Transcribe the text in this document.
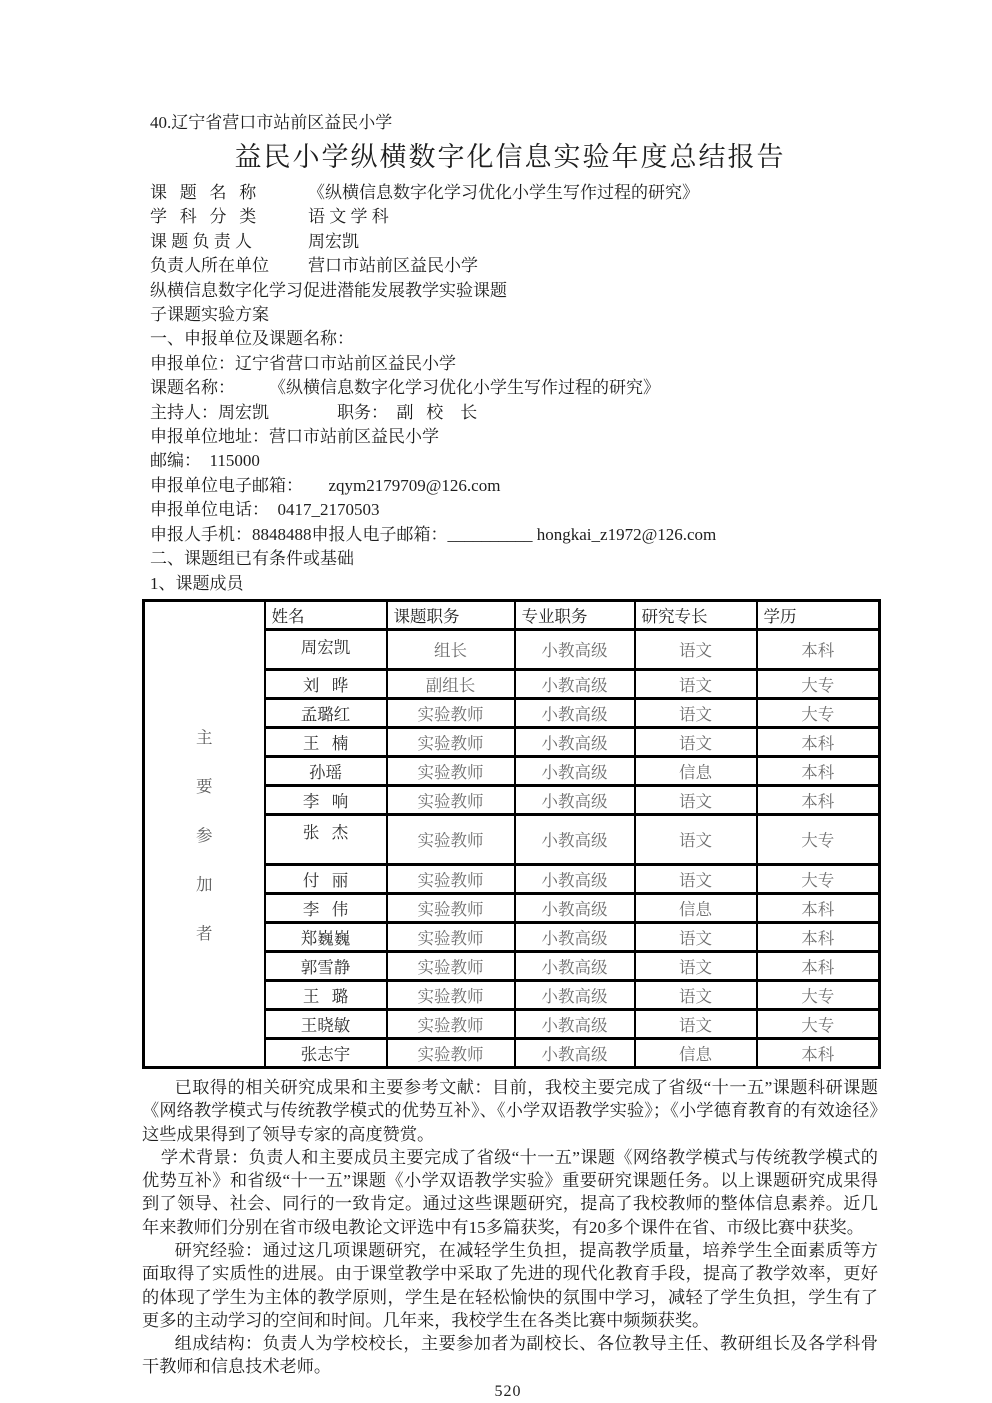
40.辽宁省营口市站前区益民小学
益民小学纵横数字化信息实验年度总结报告
课   题   名   称	《纵横信息数字化学习优化小学生写作过程的研究》
学   科   分   类	语 文 学 科
课 题 负 责 人	周宏凯
负责人所在单位 营口市站前区益民小学
纵横信息数字化学习促进潜能发展教学实验课题
子课题实验方案
一、申报单位及课题名称：
申报单位：辽宁省营口市站前区益民小学
课题名称：        《纵横信息数字化学习优化小学生写作过程的研究》
主持人：周宏凯                职务：  副   校    长
申报单位地址：营口市站前区益民小学
邮编：  115000
申报单位电子邮箱：      zqym2179709@126.com
申报单位电话：  0417_2170503
申报人手机：8848488申报人电子邮箱：__________ hongkai_z1972@126.com
二、课题组已有条件或基础
1、课题成员
主
要
参
加
者	姓名	课题职务	专业职务	研究专长	学历
	周宏凯	组长	小教高级	语文	本科
	刘   晔	副组长	小教高级	语文	大专
	孟璐红	实验教师	小教高级	语文	大专
	王   楠	实验教师	小教高级	语文	本科
	孙瑶	实验教师	小教高级	信息	本科
	李   响	实验教师	小教高级	语文	本科
	张   杰	实验教师	小教高级	语文	大专
	付   丽	实验教师	小教高级	语文	大专
	李   伟	实验教师	小教高级	信息	本科
	郑巍巍	实验教师	小教高级	语文	本科
	郭雪静	实验教师	小教高级	语文	本科
	王   璐	实验教师	小教高级	语文	大专
	王晓敏	实验教师	小教高级	语文	大专
	张志宇	实验教师	小教高级	信息	本科

已取得的相关研究成果和主要参考文献：目前，我校主要完成了省级“十一五”课题科研课题《网络教学模式与传统教学模式的优势互补》、《小学双语教学实验》；《小学德育教育的有效途径》这些成果得到了领导专家的高度赞赏。

学术背景：负责人和主要成员主要完成了省级“十一五”课题《网络教学模式与传统教学模式的优势互补》和省级“十一五”课题《小学双语教学实验》重要研究课题任务。以上课题研究成果得到了领导、社会、同行的一致肯定。通过这些课题研究，提高了我校教师的整体信息素养。近几年来教师们分别在省市级电教论文评选中有15多篇获奖，有20多个课件在省、市级比赛中获奖。

研究经验：通过这几项课题研究，在减轻学生负担，提高教学质量，培养学生全面素质等方面取得了实质性的进展。由于课堂教学中采取了先进的现代化教育手段，提高了教学效率，更好的体现了学生为主体的教学原则，学生是在轻松愉快的氛围中学习，减轻了学生负担，学生有了更多的主动学习的空间和时间。几年来，我校学生在各类比赛中频频获奖。

组成结构：负责人为学校校长，主要参加者为副校长、各位教导主任、教研组长及各学科骨干教师和信息技术老师。

520
